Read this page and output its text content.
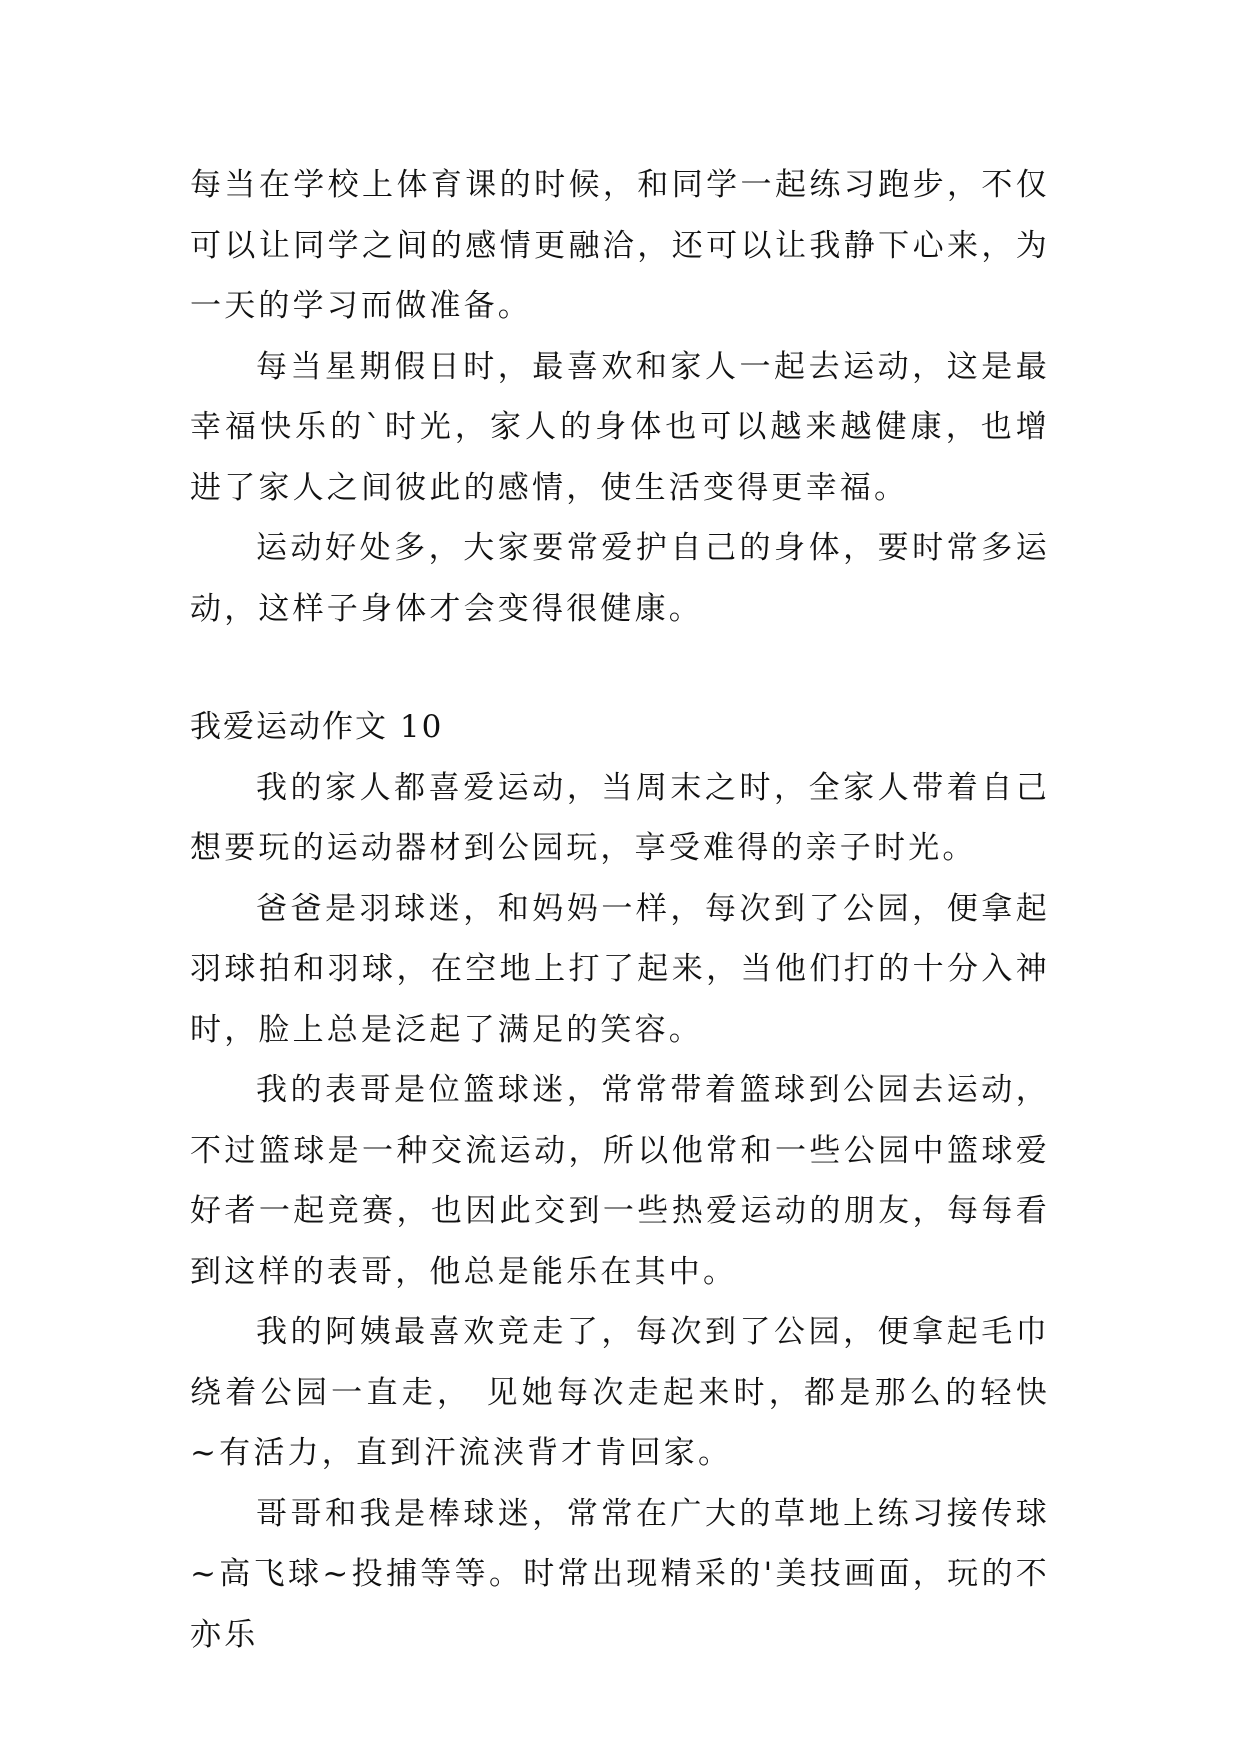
每当在学校上体育课的时候，和同学一起练习跑步，不仅可以让同学之间的感情更融洽，还可以让我静下心来，为一天的学习而做准备。

每当星期假日时，最喜欢和家人一起去运动，这是最幸福快乐的`时光，家人的身体也可以越来越健康，也增进了家人之间彼此的感情，使生活变得更幸福。

运动好处多，大家要常爱护自己的身体，要时常多运动，这样子身体才会变得很健康。

我爱运动作文 10

我的家人都喜爱运动，当周末之时，全家人带着自己想要玩的运动器材到公园玩，享受难得的亲子时光。

爸爸是羽球迷，和妈妈一样，每次到了公园，便拿起羽球拍和羽球，在空地上打了起来，当他们打的十分入神时，脸上总是泛起了满足的笑容。

我的表哥是位篮球迷，常常带着篮球到公园去运动，不过篮球是一种交流运动，所以他常和一些公园中篮球爱好者一起竞赛，也因此交到一些热爱运动的朋友，每每看到这样的表哥，他总是能乐在其中。

我的阿姨最喜欢竞走了，每次到了公园，便拿起毛巾绕着公园一直走， 见她每次走起来时，都是那么的轻快~有活力，直到汗流浃背才肯回家。

哥哥和我是棒球迷，常常在广大的草地上练习接传球~高飞球~投捕等等。时常出现精采的'美技画面，玩的不亦乐
